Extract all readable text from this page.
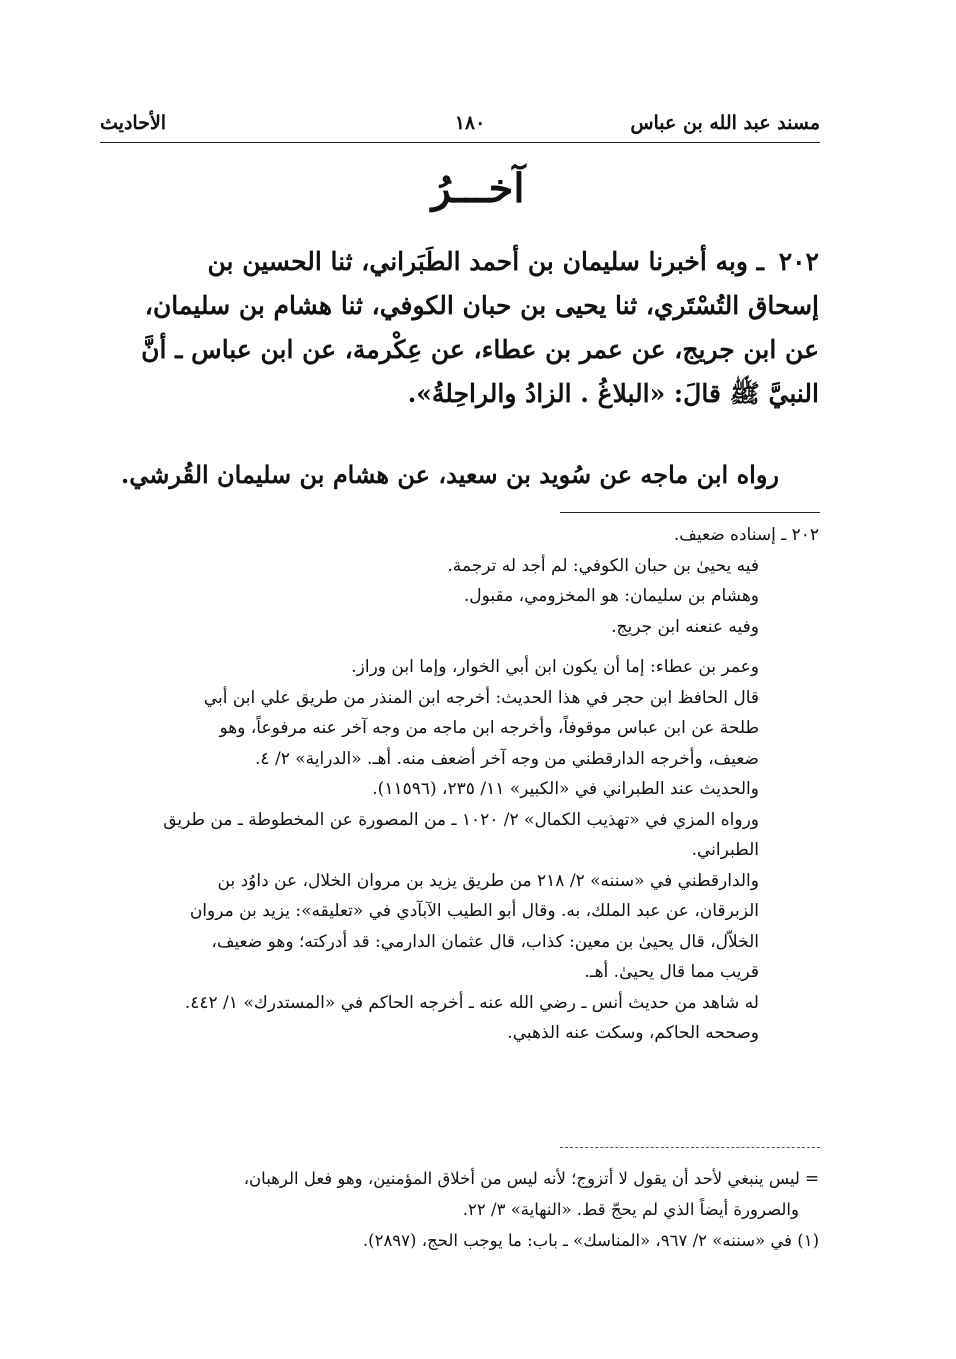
مسند عبد الله بن عباس
١٨٠
الأحاديث
آخـــرُ

٢٠٢ ـ وبه أخبرنا سليمان بن أحمد الطَبَراني، ثنا الحسين بن

إسحاق التُسْتَري، ثنا يحيى بن حبان الكوفي، ثنا هشام بن سليمان،

عن ابن جريج، عن عمر بن عطاء، عن عِكْرمة، عن ابن عباس ـ أنَّ

النبيَّ ﷺ قالَ: «البلاغُ . الزادُ والراحِلةُ».

رواه ابن ماجه عن سُويد بن سعيد، عن هشام بن سليمان القُرشي.

٢٠٢ ـ إسناده ضعيف.

فيه يحيىٰ بن حبان الكوفي: لم أجد له ترجمة.

وهشام بن سليمان: هو المخزومي، مقبول.

وفيه عنعنه ابن جريج.

وعمر بن عطاء: إما أن يكون ابن أبي الخوار، وإما ابن وراز.

قال الحافظ ابن حجر في هذا الحديث: أخرجه ابن المنذر من طريق علي ابن أبي

طلحة عن ابن عباس موقوفاً، وأخرجه ابن ماجه من وجه آخر عنه مرفوعاً، وهو

ضعيف، وأخرجه الدارقطني من وجه آخر أضعف منه. أهـ. «الدراية» ٢/ ٤.

والحديث عند الطبراني في «الكبير» ١١/ ٢٣٥، (١١٥٩٦).

ورواه المزي في «تهذيب الكمال» ٢/ ١٠٢٠ ـ من المصورة عن المخطوطة ـ من طريق

الطبراني.

والدارقطني في «سننه» ٢/ ٢١٨ من طريق يزيد بن مروان الخلال، عن داوُد بن

الزبرقان، عن عبد الملك، به. وقال أبو الطيب الآبآدي في «تعليقه»: يزيد بن مروان

الخلاّل، قال يحيىٰ بن معين: كذاب، قال عثمان الدارمي: قد أدركته؛ وهو ضعيف،

قريب مما قال يحيىٰ. أهـ.

له شاهد من حديث أنس ـ رضي الله عنه ـ أخرجه الحاكم في «المستدرك» ١/ ٤٤٢.

وصححه الحاكم، وسكت عنه الذهبي.

= ليس ينبغي لأحد أن يقول لا أتزوج؛ لأنه ليس من أخلاق المؤمنين، وهو فعل الرهبان،

والصرورة أيضاً الذي لم يحجّ قط. «النهاية» ٣/ ٢٢.

(١) في «سننه» ٢/ ٩٦٧، «المناسك» ـ باب: ما يوجب الحج، (٢٨٩٧).
